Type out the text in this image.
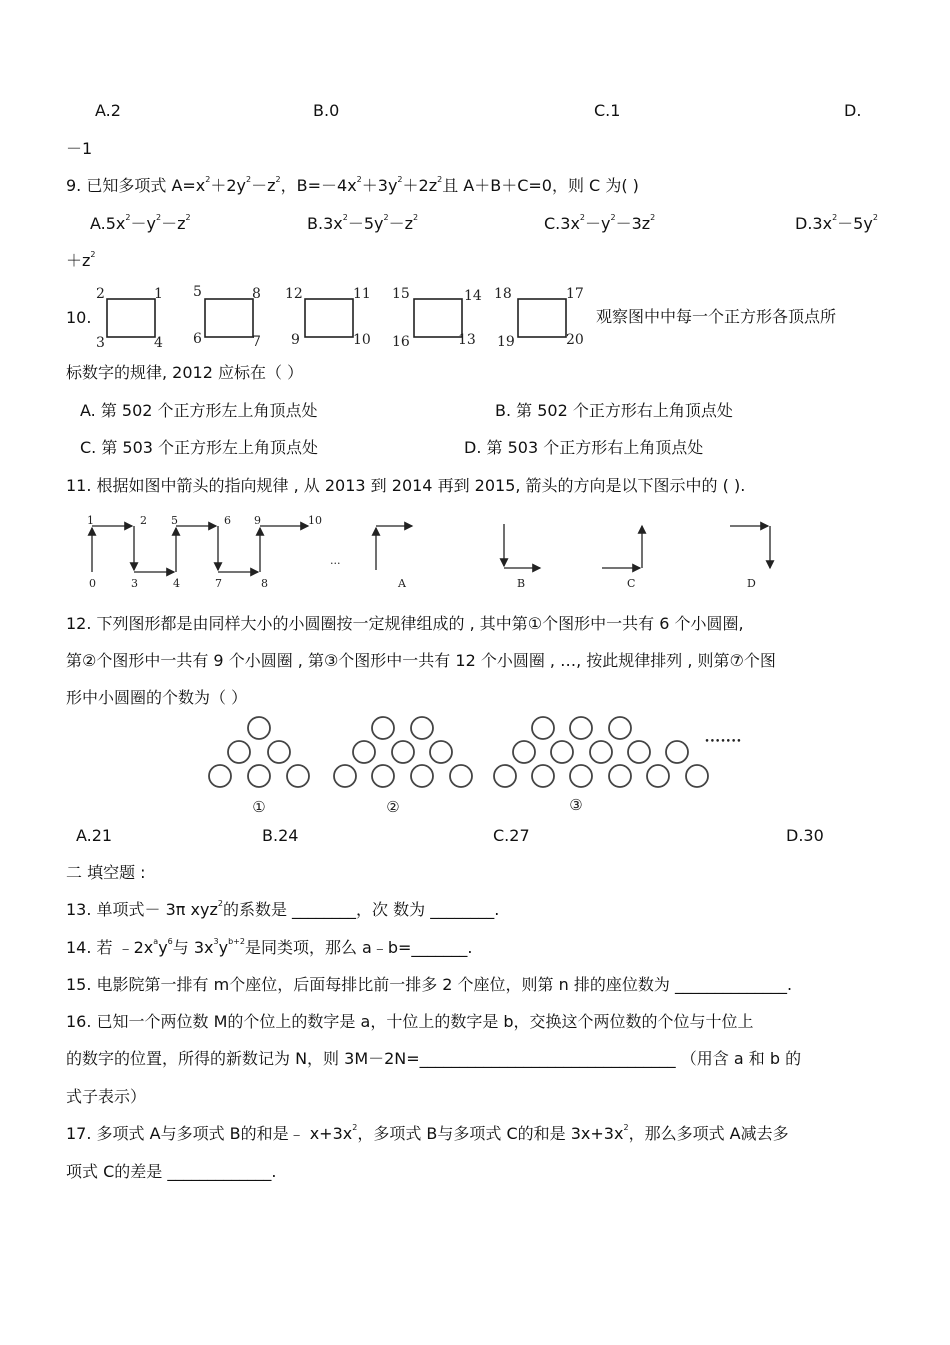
A.2	B.0	C.1	D.
－1
9. 已知多项式 $A=x^2+2y^2-z^2$，$B=-4x^2+3y^2+2z^2$且 A＋B＋C=0，则 C 为( )
$A.5x^2-y^2-z^2$	$B.3x^2-5y^2-z^2$	$C.3x^2-y^2-3z^2$	$D.3x^2-5y^2$
$+z^2$
10.
2	1
3	4
5	8
6	7
12	11
9	10
15	14
16	13
18	17
19	20
观察图中中每一个正方形各顶点所
标数字的规律, 2012 应标在（ ）
A. 第 502 个正方形左上角顶点处	B. 第 502 个正方形右上角顶点处
C. 第 503 个正方形左上角顶点处	D. 第 503 个正方形右上角顶点处
11. 根据如图中箭头的指向规律 , 从 2013 到 2014 再到 2015, 箭头的方向是以下图示中的 ( ).
1	2 5	6 9	10
0	3	4	7	8
...
A	B	C	D
12. 下列图形都是由同样大小的小圆圈按一定规律组成的 , 其中第①个图形中一共有 6 个小圆圈,
第②个图形中一共有 9 个小圆圈 , 第③个图形中一共有 12 个小圆圈 , …, 按此规律排列 , 则第⑦个图
形中小圆圈的个数为（ ）
①	②	③
•••••••
A.21	B.24	C.27	D.30
二 填空题 :
13. 单项式－ 3π xyz$^2$的系数是 ________，次 数为 ________.
14. 若 $﹣2x^ay^6$与 $3x^3y^{b+2}$是同类项，那么 a﹣b=_______.
15. 电影院第一排有 m个座位，后面每排比前一排多 2 个座位，则第 n 排的座位数为 ______________.
16. 已知一个两位数 M的个位上的数字是 a，十位上的数字是 b，交换这个两位数的个位与十位上
的数字的位置，所得的新数记为 N，则 3M－2N=________________________________ （用含 a 和 b 的
式子表示）
17. 多项式 A与多项式 B的和是﹣ $x+3x^2$，多项式 B与多项式 C的和是 $3x+3x^2$，那么多项式 A减去多
项式 C的差是 _____________.
